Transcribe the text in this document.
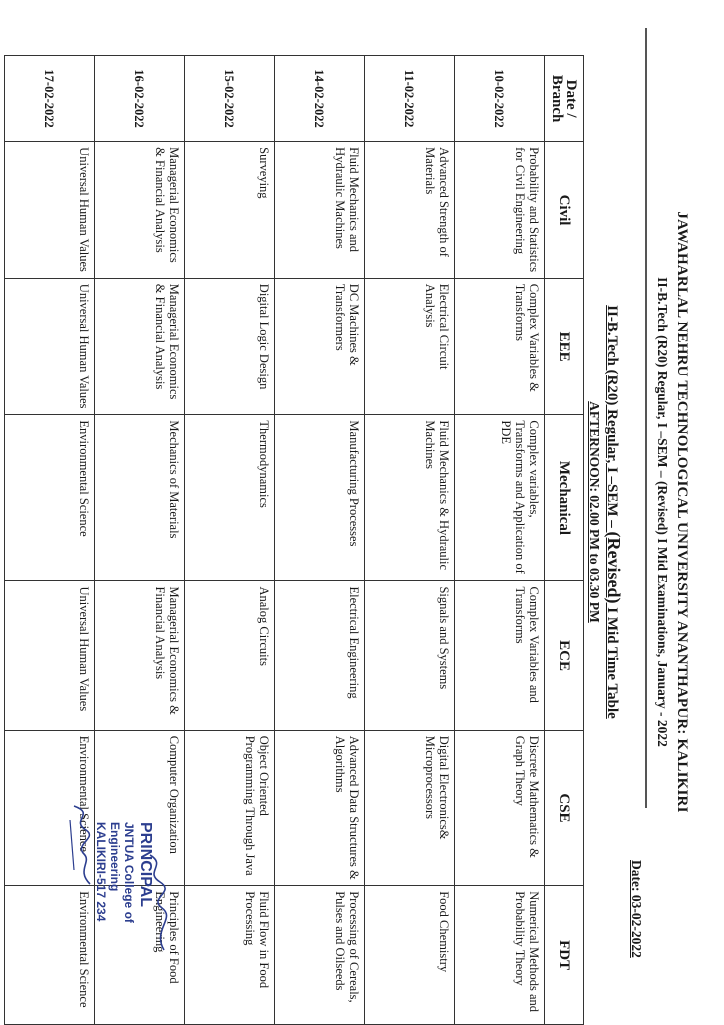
JAWAHARLAL NEHRU TECHNOLOGICAL UNIVERSITY ANANTHAPUR: KALIKIRI
II-B.Tech (R20) Regular, I –SEM – (Revised) I Mid Examinations, January - 2022
Date: 03-02-2022
II-B.Tech (R20) Regular, I –SEM – (Revised) I Mid Time Table
AFTERNOON: 02.00 PM to 03.30 PM
Date / Branch	Civil	EEE	Mechanical	ECE	CSE	FDT
10-02-2022	Probability and Statistics for Civil Engineering	Complex Variables & Transforms	Complex variables, Transforms and Application of PDE	Complex Variables and Transforms	Discrete Mathematics & Graph Theory	Numerical Methods and Probability Theory
11-02-2022	Advanced Strength of Materials	Electrical Circuit Analysis	Fluid Mechanics & Hydraulic Machines	Signals and Systems	Digital Electronics& Microprocessors	Food Chemistry
14-02-2022	Fluid Mechanics and Hydraulic Machines	DC Machines & Transformers	Manufacturing Processes	Electrical Engineering	Advanced Data Structures & Algorithms	Processing of Cereals, Pulses and Oilseeds
15-02-2022	Surveying	Digital Logic Design	Thermodynamics	Analog Circuits	Object Oriented Programming Through Java	Fluid Flow in Food Processing
16-02-2022	Managerial Economics & Financial Analysis	Managerial Economics & Financial Analysis	Mechanics of Materials	Managerial Economics & Financial Analysis	Computer Organization	Principles of Food Engineering
17-02-2022	Universal Human Values	Universal Human Values	Environmental Science	Universal Human Values	Environmental Science	Environmental Science
PRINCIPAL
JNTUA College of Engineering
KALIKIRI-517 234
